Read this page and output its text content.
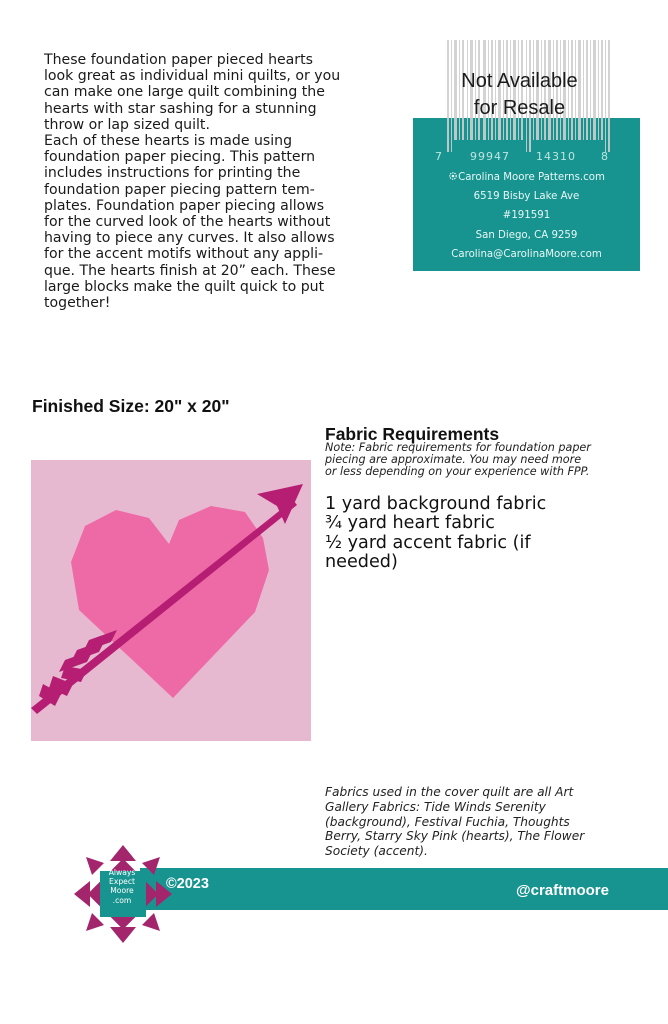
These foundation paper pieced hearts

look great as individual mini quilts, or you

can make one large quilt combining the

hearts with star sashing for a stunning

throw or lap sized quilt.

Each of these hearts is made using

foundation paper piecing. This pattern

includes instructions for printing the

foundation paper piecing pattern tem-

plates. Foundation paper piecing allows

for the curved look of the hearts without

having to piece any curves. It also allows

for the accent motifs without any appli-

que. The hearts finish at 20” each. These

large blocks make the quilt quick to put

together!

Not Available
for Resale
7 99947 14310 8
Carolina Moore Patterns.com
6519 Bisby Lake Ave
#191591
San Diego, CA 9259
Carolina@CarolinaMoore.com
Finished Size: 20" x 20"
Fabric Requirements
Note: Fabric requirements for foundation paper
piecing are approximate. You may need more
or less depending on your experience with FPP.
1 yard background fabric
¾ yard heart fabric
½ yard accent fabric (if
needed)
Fabrics used in the cover quilt are all Art
Gallery Fabrics: Tide Winds Serenity
(background), Festival Fuchia, Thoughts
Berry, Starry Sky Pink (hearts), The Flower
Society (accent).
©2023	@craftmoore
Always
Expect
Moore
.com
